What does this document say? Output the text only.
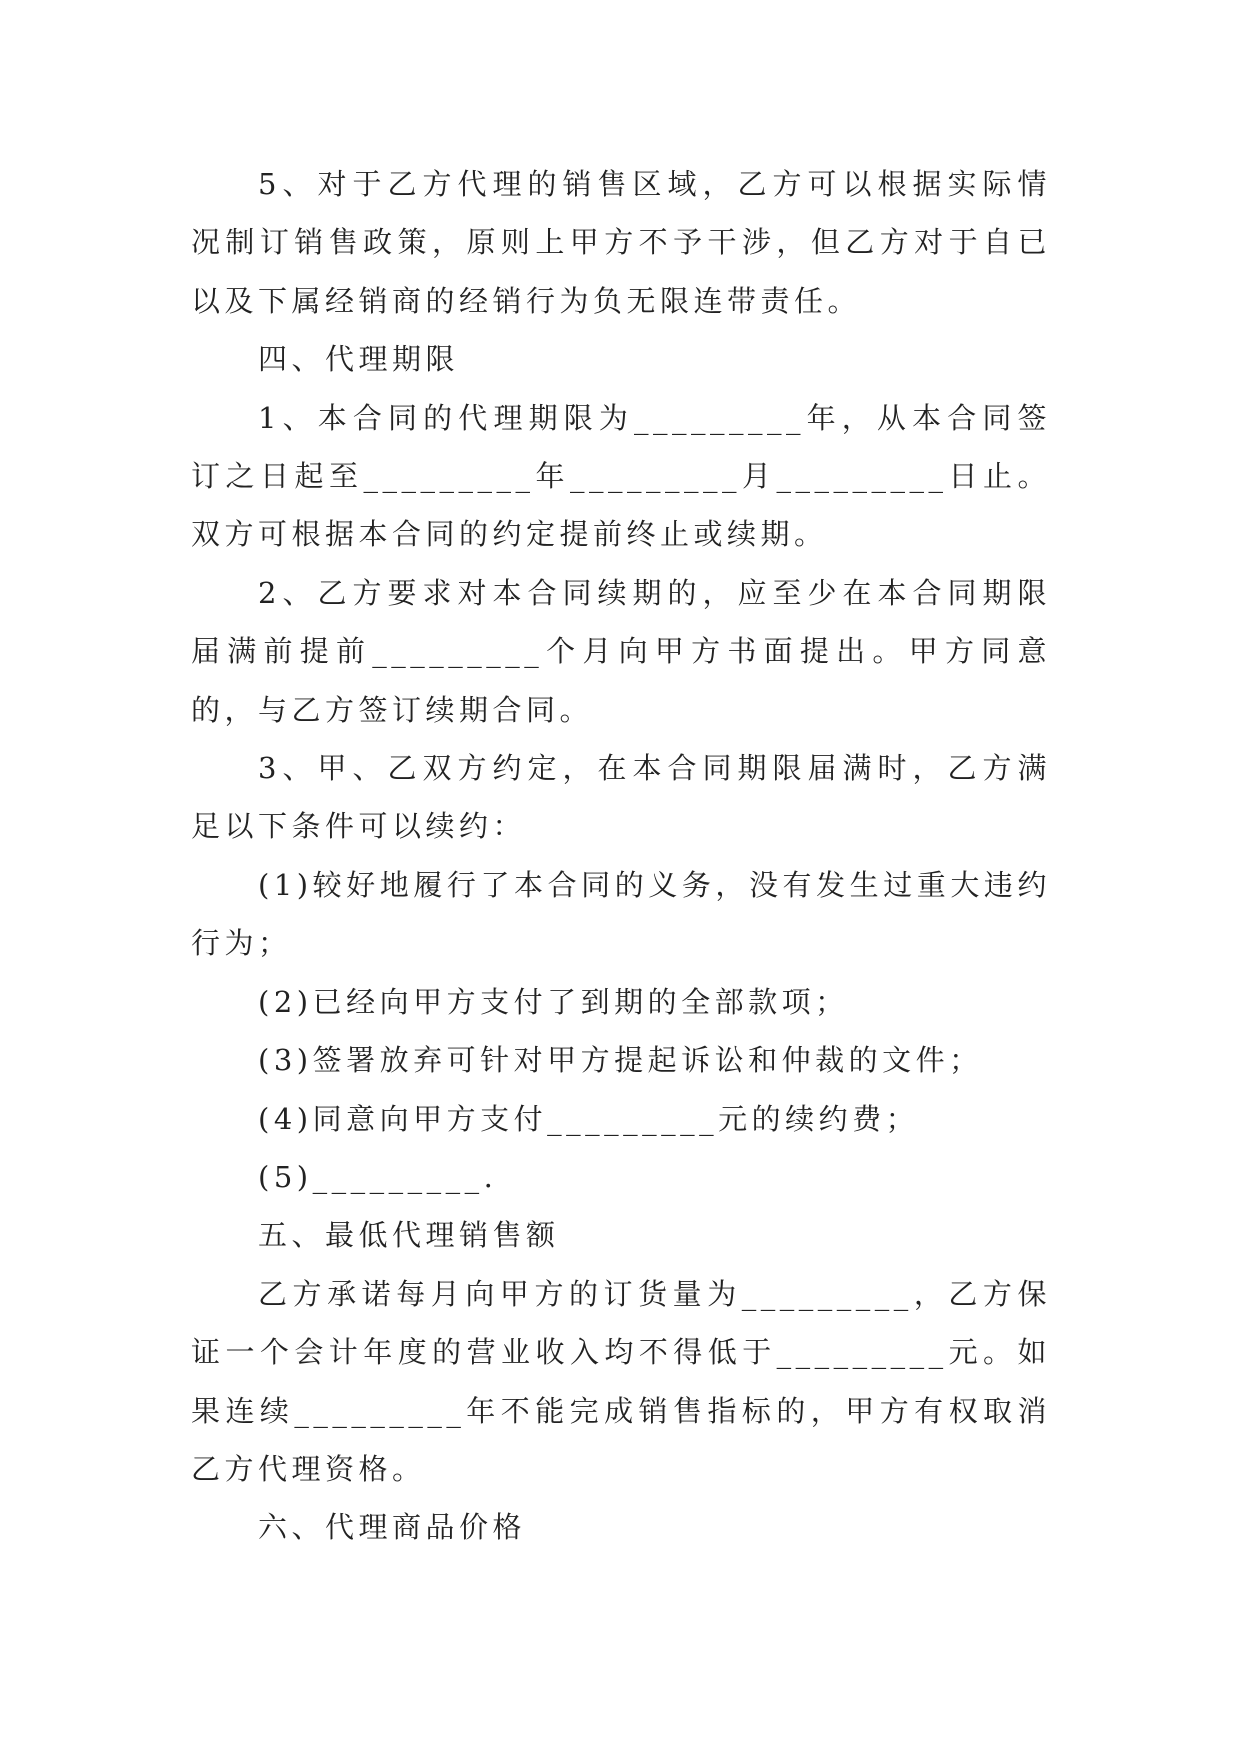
5、对于乙方代理的销售区域，乙方可以根据实际情况制订销售政策，原则上甲方不予干涉，但乙方对于自已以及下属经销商的经销行为负无限连带责任。

四、代理期限

1、本合同的代理期限为_________年，从本合同签订之日起至_________年_________月_________日止。双方可根据本合同的约定提前终止或续期。

2、乙方要求对本合同续期的，应至少在本合同期限届满前提前_________个月向甲方书面提出。甲方同意的，与乙方签订续期合同。

3、甲、乙双方约定，在本合同期限届满时，乙方满足以下条件可以续约：

(1)较好地履行了本合同的义务，没有发生过重大违约行为；

(2)已经向甲方支付了到期的全部款项；

(3)签署放弃可针对甲方提起诉讼和仲裁的文件；

(4)同意向甲方支付_________元的续约费；

(5)_________.

五、最低代理销售额

乙方承诺每月向甲方的订货量为_________，乙方保证一个会计年度的营业收入均不得低于_________元。如果连续_________年不能完成销售指标的，甲方有权取消乙方代理资格。

六、代理商品价格
